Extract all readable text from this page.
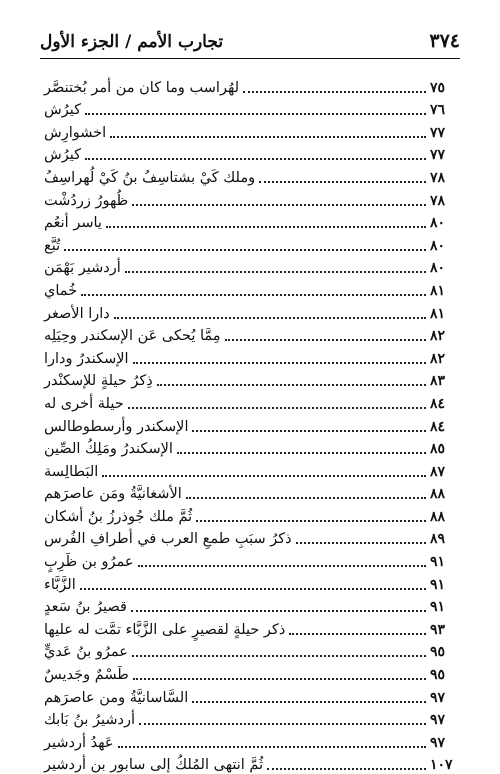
تجارب الأمم / الجزء الأول	٣٧٤
لهُراسب وما كان من أمر بُختنصَّر	٧٥
كيرُش	٧٦
اخشوارِش	٧٧
كيرُش	٧٧
وملك كَيْ بشتاسِفُ بنُ كَيْ لُهراسِفُ	٧٨
ظُهورُ زردُشْت	٧٨
ياسر أنعُم	٨٠
تُبَّع	٨٠
أردشير بَهْمَن	٨٠
خُماي	٨١
دارا الأصغر	٨١
مِمَّا يُحكى عَن الإسكندر وحِيَلِه	٨٢
الإسكندرُ ودارا	٨٢
ذِكرُ حيلةٍ للإسكنْدر	٨٣
حيلة أخرى له	٨٤
الإسكندر وأرسطوطالس	٨٤
الإسكندرُ ومَلِكُ الصِّين	٨٥
البَطالِسة	٨٧
الأشغانيَّةُ ومَن عاصرَهم	٨٨
ثُمَّ ملك جُوذرزُ بنُ أشكان	٨٨
ذكرُ سبَبِ طمعِ العرب في أطرافِ الفُرس	٨٩
عمرُو بن ظَرِبٍ	٩١
الزَّبَّاء	٩١
قصيرُ بنُ سَعدٍ	٩١
ذكر حيلةٍ لقصيرٍ على الزَّبَّاء تمَّت له عليها	٩٣
عمرُو بنُ عَديٍّ	٩٥
طَسْمٌ وجَديسٌ	٩٥
السَّاسانيَّةُ ومن عاصرَهم	٩٧
أردشيرُ بنُ بَابك	٩٧
عَهدُ أردشير	٩٧
ثُمَّ انتهى المُلكُ إلى سابور بن أردشير	١٠٧
